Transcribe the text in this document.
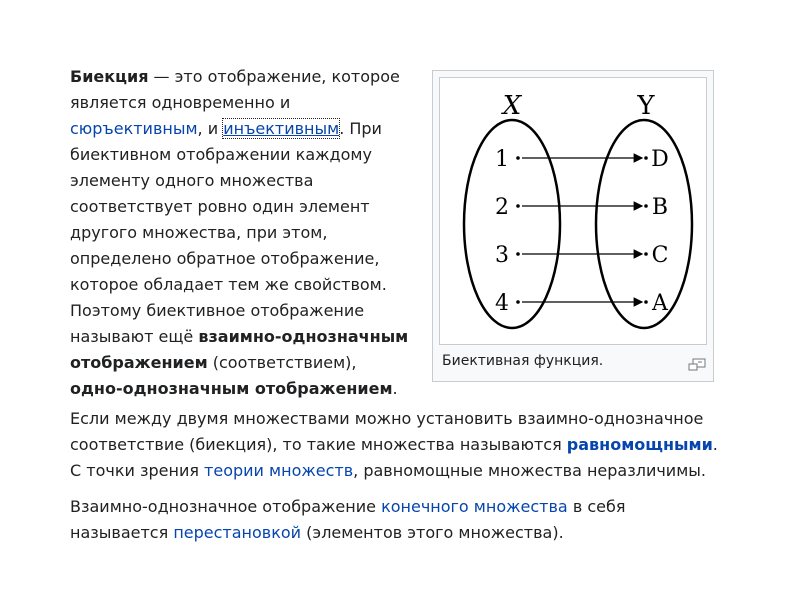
Биекция — это отображение, которое является одновременно и сюръективным, и инъективным. При биективном отображении каждому элементу одного множества соответствует ровно один элемент другого множества, при этом, определено обратное отображение, которое обладает тем же свойством. Поэтому биективное отображение называют ещё взаимно-однозначным отображением (соответствием), одно-однозначным отображением.

Если между двумя множествами можно установить взаимно-однозначное соответствие (биекция), то такие множества называются равномощными. С точки зрения теории множеств, равномощные множества неразличимы.

Взаимно-однозначное отображение конечного множества в себя называется перестановкой (элементов этого множества).

X	Y
1
2
3
4
D
B
C
A
Биективная функция.
